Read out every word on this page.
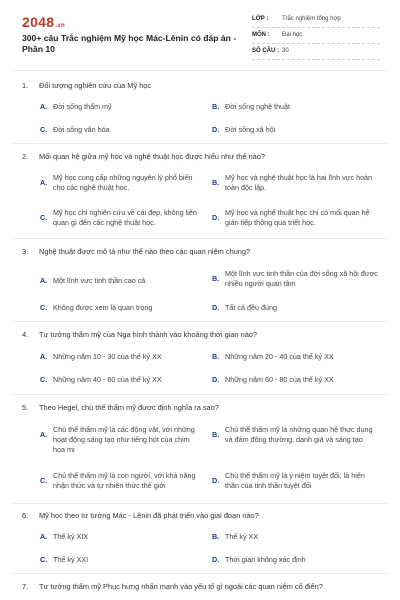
2048.vn
300+ câu Trắc nghiệm Mỹ học Mác-Lênin có đáp án - Phần 10
LỚP : Trắc nghiệm tổng hợp
MÔN : Đại học
SỐ CÂU : 30
1.	Đối tượng nghiên cứu của Mỹ học
A. Đời sống thẩm mỹ	B. Đời sống nghệ thuật
C. Đời sống văn hóa	D. Đời sống xã hội
2.	Mối quan hệ giữa mỹ học và nghệ thuật học được hiểu như thế nào?
A.
Mỹ học cung cấp những nguyên lý phổ biến cho các nghệ thuật học.
B.
Mỹ học và nghệ thuật học là hai lĩnh vực hoàn toàn độc lập.
C.
Mỹ học chỉ nghiên cứu về cái đẹp, không liên quan gì đến các nghệ thuật học.
D.
Mỹ học và nghệ thuật học chỉ có mối quan hệ gián tiếp thông qua triết học.
3.	Nghệ thuật được mô tả như thế nào theo các quan niệm chung?
A. Một lĩnh vực tinh thần cao cả	B.
Một lĩnh vực tinh thần của đời sống xã hội được nhiều người quan tâm
C. Không được xem là quan trọng	D. Tất cả đều đúng
4.	Tư tưởng thẩm mỹ của Nga hình thành vào khoảng thời gian nào?
A. Những năm 10 - 30 của thế kỷ XX	B. Những năm 20 - 40 của thế kỷ XX
C. Những năm 40 - 60 của thế kỷ XX	D. Những năm 60 - 80 của thế kỷ XX
5.	Theo Hegel, chủ thể thẩm mỹ được định nghĩa ra sao?
A.
Chủ thể thẩm mỹ là các động vật, với những hoạt động sáng tạo như tiếng hót của chim họa mi
B.
Chủ thể thẩm mỹ là những quan hệ thực dụng và đảm đông thường, danh giá và sáng tạo
C.
Chủ thể thẩm mỹ là con người, với khả năng nhận thức và tự nhiên thức thế giới
D.
Chủ thể thẩm mỹ là ý niệm tuyệt đối, là hiện thân của tinh thần tuyệt đối
6.	Mỹ học theo tư tưởng Mác - Lênin đã phát triển vào giai đoạn nào?
A. Thế kỷ XIX	B. Thế kỷ XX
C. Thế kỷ XXI	D. Thời gian không xác định
7.	Tư tưởng thẩm mỹ Phục hưng nhấn mạnh vào yếu tố gì ngoài các quan niệm cổ điển?
